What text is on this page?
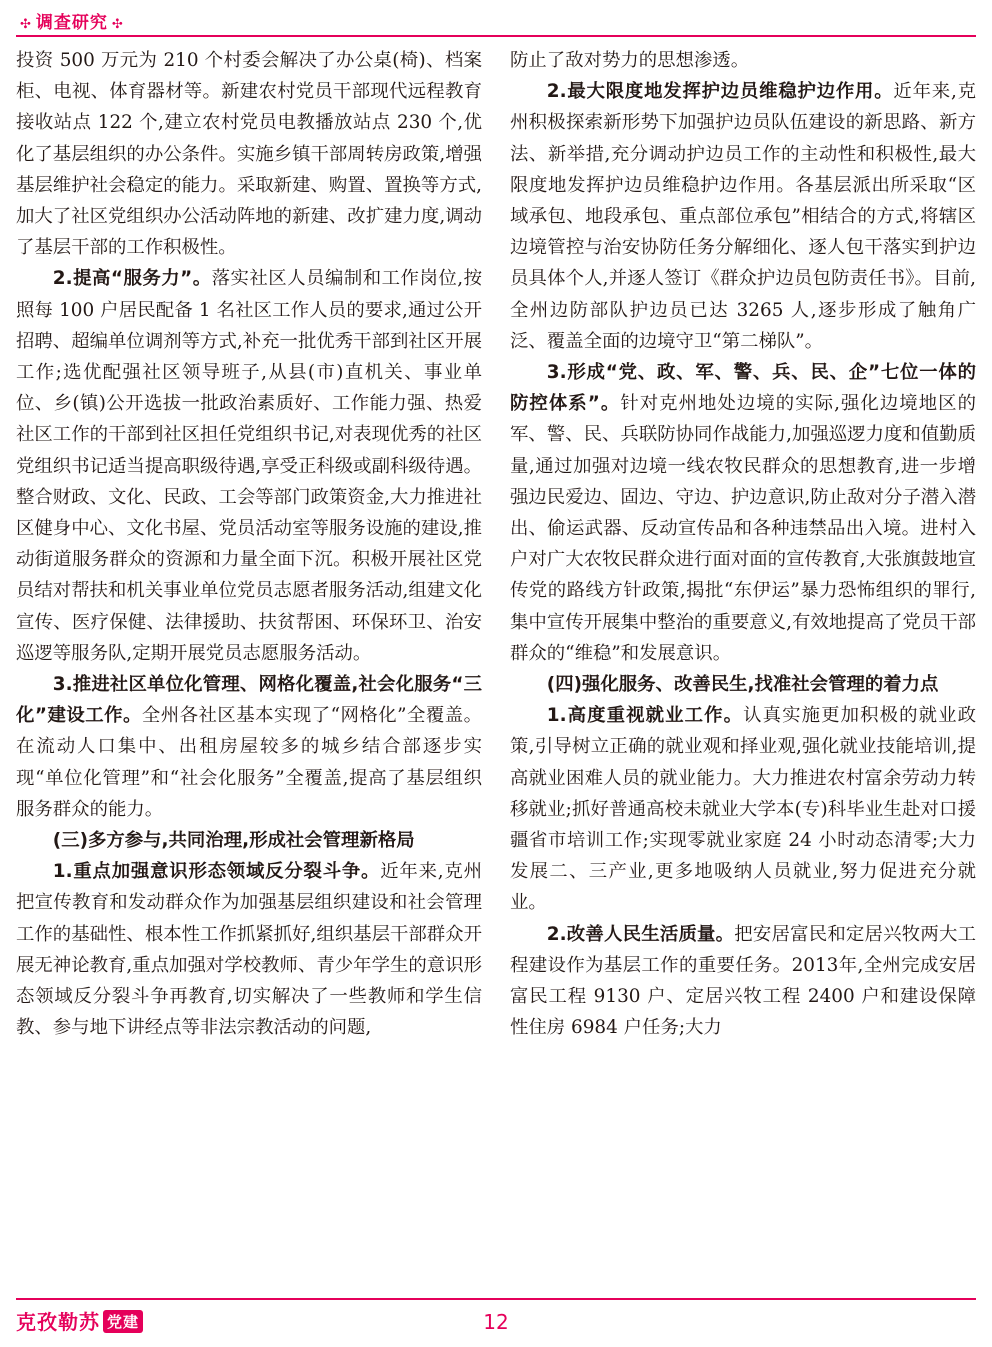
✣ 调查研究 ✣

投资 500 万元为 210 个村委会解决了办公桌(椅)、档案柜、电视、体育器材等。新建农村党员干部现代远程教育接收站点 122 个,建立农村党员电教播放站点 230 个,优化了基层组织的办公条件。实施乡镇干部周转房政策,增强基层维护社会稳定的能力。采取新建、购置、置换等方式,加大了社区党组织办公活动阵地的新建、改扩建力度,调动了基层干部的工作积极性。

2.提高“服务力”。落实社区人员编制和工作岗位,按照每 100 户居民配备 1 名社区工作人员的要求,通过公开招聘、超编单位调剂等方式,补充一批优秀干部到社区开展工作;选优配强社区领导班子,从县(市)直机关、事业单位、乡(镇)公开选拔一批政治素质好、工作能力强、热爱社区工作的干部到社区担任党组织书记,对表现优秀的社区党组织书记适当提高职级待遇,享受正科级或副科级待遇。整合财政、文化、民政、工会等部门政策资金,大力推进社区健身中心、文化书屋、党员活动室等服务设施的建设,推动街道服务群众的资源和力量全面下沉。积极开展社区党员结对帮扶和机关事业单位党员志愿者服务活动,组建文化宣传、医疗保健、法律援助、扶贫帮困、环保环卫、治安巡逻等服务队,定期开展党员志愿服务活动。

3.推进社区单位化管理、网格化覆盖,社会化服务“三化”建设工作。全州各社区基本实现了“网格化”全覆盖。在流动人口集中、出租房屋较多的城乡结合部逐步实现“单位化管理”和“社会化服务”全覆盖,提高了基层组织服务群众的能力。

(三)多方参与,共同治理,形成社会管理新格局

1.重点加强意识形态领域反分裂斗争。近年来,克州把宣传教育和发动群众作为加强基层组织建设和社会管理工作的基础性、根本性工作抓紧抓好,组织基层干部群众开展无神论教育,重点加强对学校教师、青少年学生的意识形态领域反分裂斗争再教育,切实解决了一些教师和学生信教、参与地下讲经点等非法宗教活动的问题,

防止了敌对势力的思想渗透。

2.最大限度地发挥护边员维稳护边作用。近年来,克州积极探索新形势下加强护边员队伍建设的新思路、新方法、新举措,充分调动护边员工作的主动性和积极性,最大限度地发挥护边员维稳护边作用。各基层派出所采取“区域承包、地段承包、重点部位承包”相结合的方式,将辖区边境管控与治安协防任务分解细化、逐人包干落实到护边员具体个人,并逐人签订《群众护边员包防责任书》。目前,全州边防部队护边员已达 3265 人,逐步形成了触角广泛、覆盖全面的边境守卫“第二梯队”。

3.形成“党、政、军、警、兵、民、企”七位一体的防控体系”。针对克州地处边境的实际,强化边境地区的军、警、民、兵联防协同作战能力,加强巡逻力度和值勤质量,通过加强对边境一线农牧民群众的思想教育,进一步增强边民爱边、固边、守边、护边意识,防止敌对分子潜入潜出、偷运武器、反动宣传品和各种违禁品出入境。进村入户对广大农牧民群众进行面对面的宣传教育,大张旗鼓地宣传党的路线方针政策,揭批“东伊运”暴力恐怖组织的罪行,集中宣传开展集中整治的重要意义,有效地提高了党员干部群众的“维稳”和发展意识。

(四)强化服务、改善民生,找准社会管理的着力点

1.高度重视就业工作。认真实施更加积极的就业政策,引导树立正确的就业观和择业观,强化就业技能培训,提高就业困难人员的就业能力。大力推进农村富余劳动力转移就业;抓好普通高校未就业大学本(专)科毕业生赴对口援疆省市培训工作;实现零就业家庭 24 小时动态清零;大力发展二、三产业,更多地吸纳人员就业,努力促进充分就业。

2.改善人民生活质量。把安居富民和定居兴牧两大工程建设作为基层工作的重要任务。2013年,全州完成安居富民工程 9130 户、定居兴牧工程 2400 户和建设保障性住房 6984 户任务;大力

克孜勒苏 党建	12
